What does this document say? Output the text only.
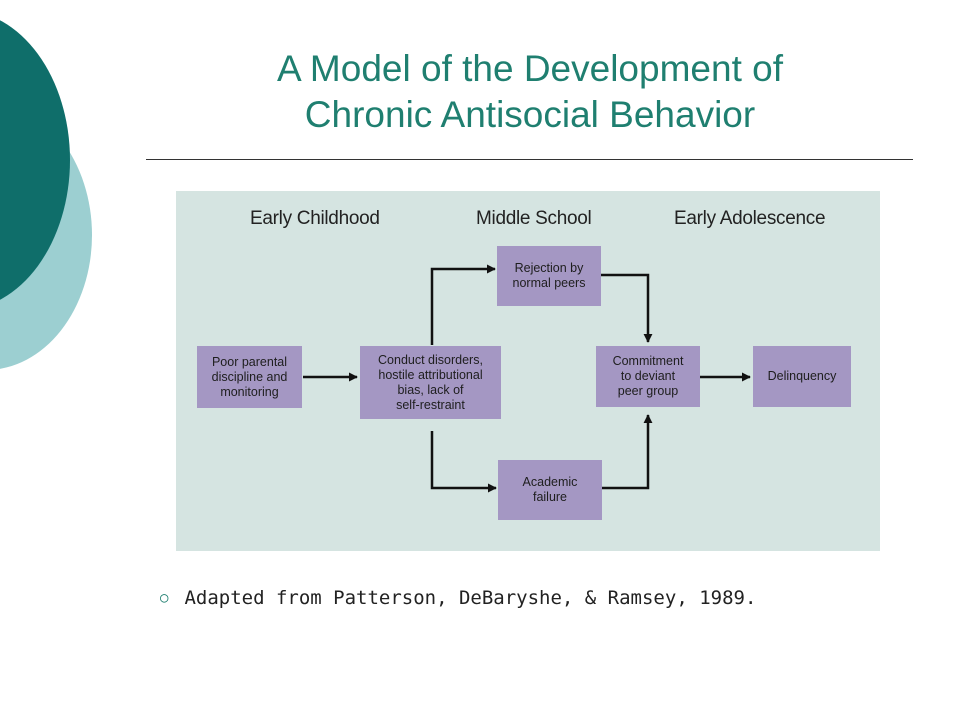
A Model of the Development of
Chronic Antisocial Behavior
Early Childhood	Middle School	Early Adolescence
Poor parental
discipline and
monitoring
Conduct disorders,
hostile attributional
bias, lack of
self-restraint
Rejection by
normal peers
Academic
failure
Commitment
to deviant
peer group
Delinquency
○ Adapted from Patterson, DeBaryshe, & Ramsey, 1989.
